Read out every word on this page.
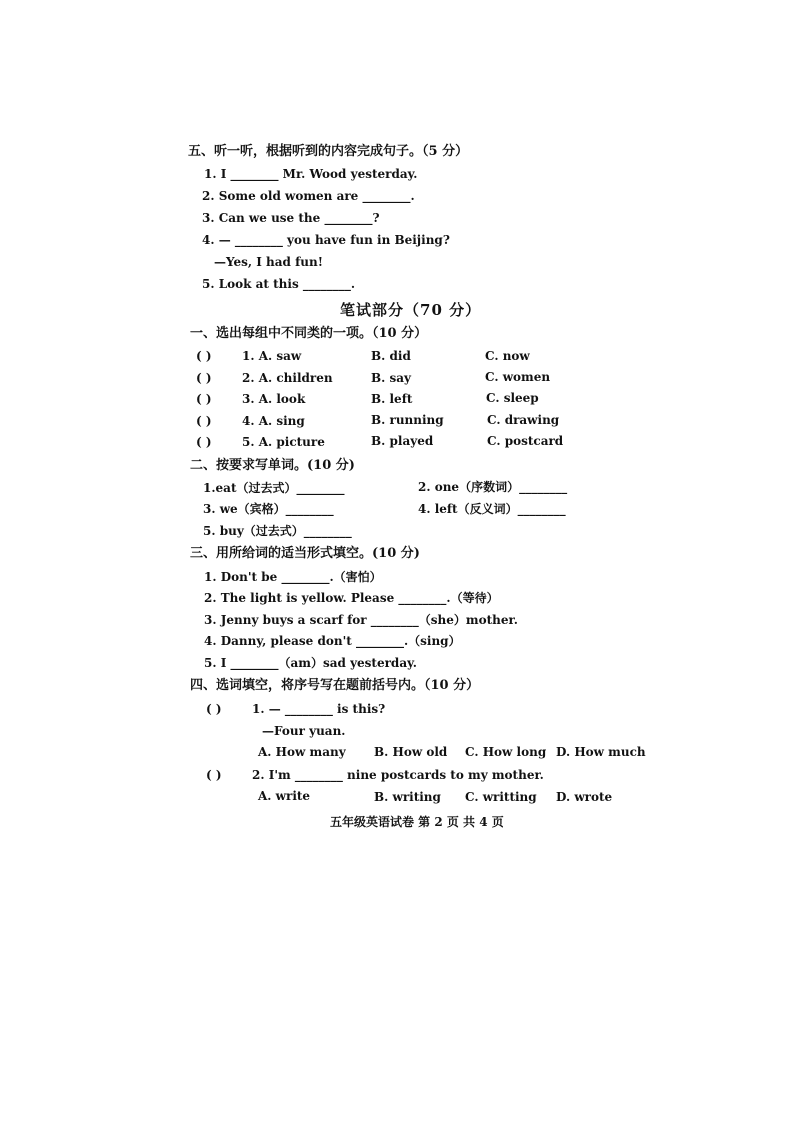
五、听一听，根据听到的内容完成句子。（5 分）
1. I ________ Mr. Wood yesterday.
2. Some old women are ________.
3. Can we use the ________?
4. — ________ you have fun in Beijing?
—Yes, I had fun!
5. Look at this ________.
笔试部分（70 分）
一、选出每组中不同类的一项。（10 分）
( )	1. A. saw	B. did	C. now
( )	2. A. children	B. say	C. women
( )	3. A. look	B. left	C. sleep
( )	4. A. sing	B. running	C. drawing
( )	5. A. picture	B. played	C. postcard
二、按要求写单词。(10 分)
1.eat（过去式）________	2. one（序数词）________
3. we（宾格）________	4. left（反义词）________
5. buy（过去式）________
三、用所给词的适当形式填空。(10 分)
1. Don't be ________.（害怕）
2. The light is yellow. Please ________.（等待）
3. Jenny buys a scarf for ________（she）mother.
4. Danny, please don't ________.（sing）
5. I ________（am）sad yesterday.
四、选词填空，将序号写在题前括号内。（10 分）
( )	1. — ________ is this?
—Four yuan.
A. How many B. How old C. How long D. How much
( )	2. I'm ________ nine postcards to my mother.
A. write	B. writing C. writting D. wrote
五年级英语试卷 第 2 页 共 4 页
